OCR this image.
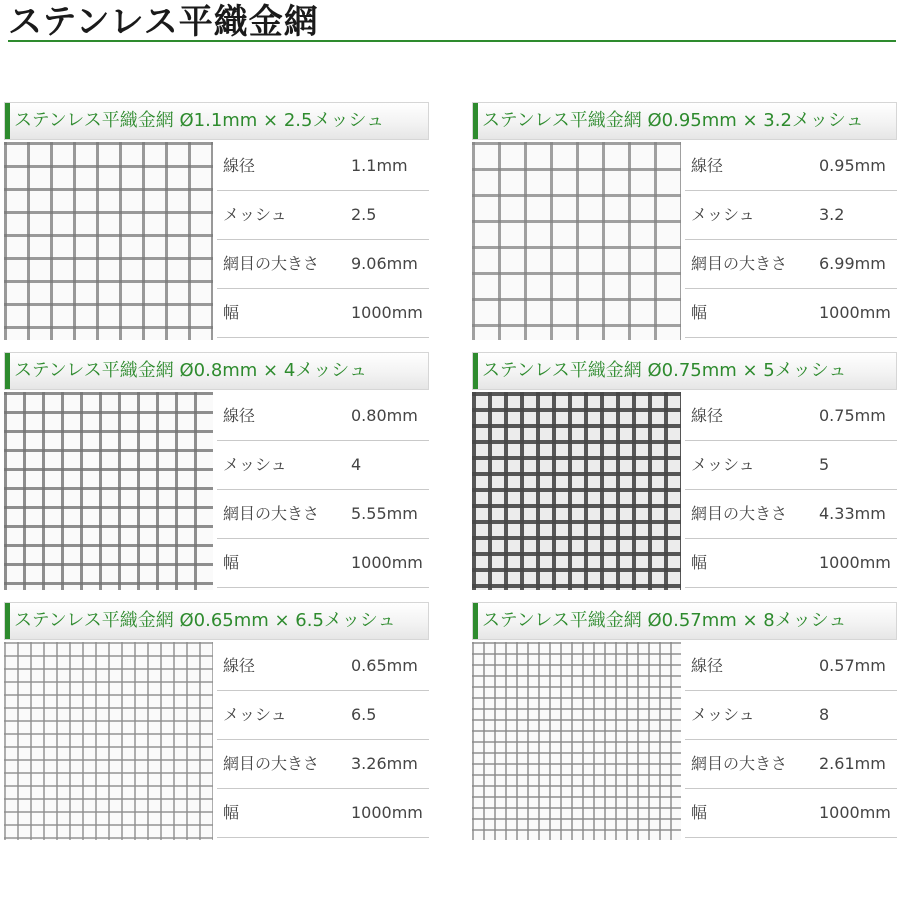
ステンレス平織金網
ステンレス平織金網 Ø1.1mm × 2.5メッシュ
線径	1.1mm
メッシュ	2.5
網目の大きさ 9.06mm
幅	1000mm
ステンレス平織金網 Ø0.95mm × 3.2メッシュ
線径	0.95mm
メッシュ	3.2
網目の大きさ 6.99mm
幅	1000mm
ステンレス平織金網 Ø0.8mm × 4メッシュ
線径	0.80mm
メッシュ	4
網目の大きさ 5.55mm
幅	1000mm
ステンレス平織金網 Ø0.75mm × 5メッシュ
線径	0.75mm
メッシュ	5
網目の大きさ 4.33mm
幅	1000mm
ステンレス平織金網 Ø0.65mm × 6.5メッシュ
線径	0.65mm
メッシュ	6.5
網目の大きさ 3.26mm
幅	1000mm
ステンレス平織金網 Ø0.57mm × 8メッシュ
線径	0.57mm
メッシュ	8
網目の大きさ 2.61mm
幅	1000mm
